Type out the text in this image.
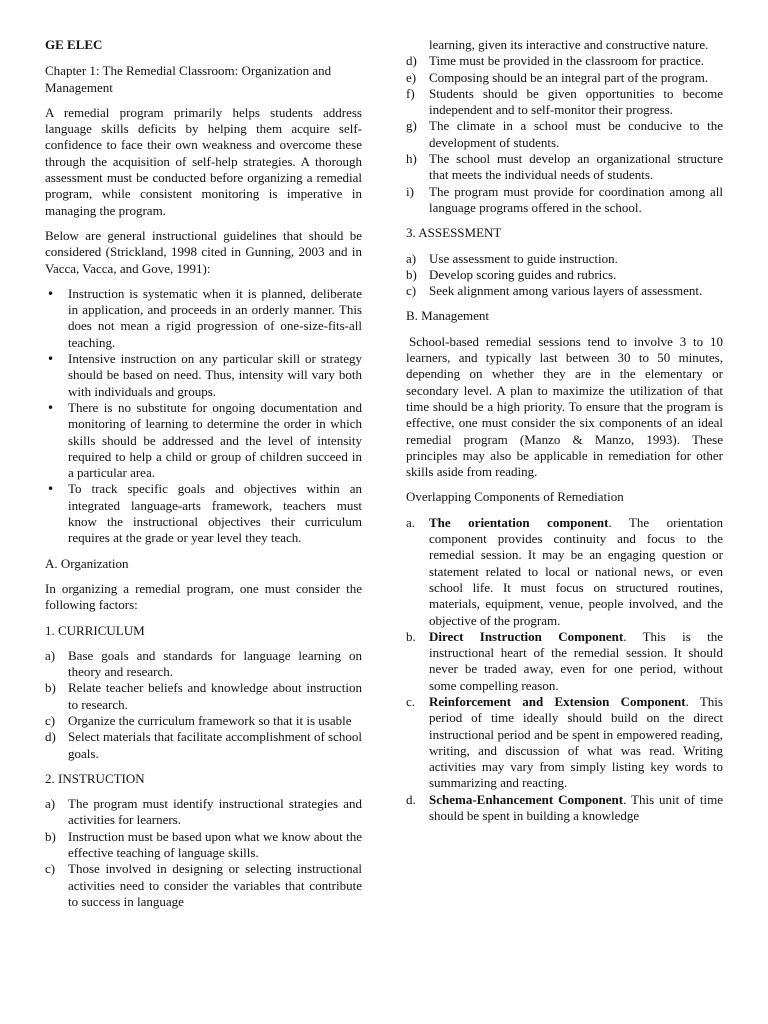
GE ELEC

Chapter 1: The Remedial Classroom: Organization and Management

A remedial program primarily helps students address language skills deficits by helping them acquire self-confidence to face their own weakness and overcome these through the acquisition of self-help strategies. A thorough assessment must be conducted before organizing a remedial program, while consistent monitoring is imperative in managing the program.

Below are general instructional guidelines that should be considered (Strickland, 1998 cited in Gunning, 2003 and in Vacca, Vacca, and Gove, 1991):

• Instruction is systematic when it is planned, deliberate in application, and proceeds in an orderly manner. This does not mean a rigid progression of one-size-fits-all teaching.
• Intensive instruction on any particular skill or strategy should be based on need. Thus, intensity will vary both with individuals and groups.
• There is no substitute for ongoing documentation and monitoring of learning to determine the order in which skills should be addressed and the level of intensity required to help a child or group of children succeed in a particular area.
• To track specific goals and objectives within an integrated language-arts framework, teachers must know the instructional objectives their curriculum requires at the grade or year level they teach.

A. Organization

In organizing a remedial program, one must consider the following factors:

1. CURRICULUM

a) Base goals and standards for language learning on theory and research.
b) Relate teacher beliefs and knowledge about instruction to research.
c) Organize the curriculum framework so that it is usable
d) Select materials that facilitate accomplishment of school goals.

2. INSTRUCTION

a) The program must identify instructional strategies and activities for learners.
b) Instruction must be based upon what we know about the effective teaching of language skills.
c) Those involved in designing or selecting instructional activities need to consider the variables that contribute to success in language

learning, given its interactive and constructive nature.

d) Time must be provided in the classroom for practice.
e) Composing should be an integral part of the program.
f)	Students should be given opportunities to become independent and to self-monitor their progress.
g) The climate in a school must be conducive to the development of students.
h) The school must develop an organizational structure that meets the individual needs of students.
i)	The program must provide for coordination among all language programs offered in the school.

3. ASSESSMENT

a) Use assessment to guide instruction.
b) Develop scoring guides and rubrics.
c) Seek alignment among various layers of assessment.

B. Management

School-based remedial sessions tend to involve 3 to 10 learners, and typically last between 30 to 50 minutes, depending on whether they are in the elementary or secondary level. A plan to maximize the utilization of that time should be a high priority. To ensure that the program is effective, one must consider the six components of an ideal remedial program (Manzo & Manzo, 1993). These principles may also be applicable in remediation for other skills aside from reading.

Overlapping Components of Remediation

a.	The orientation component. The orientation component provides continuity and focus to the remedial session. It may be an engaging question or statement related to local or national news, or even school life. It must focus on structured routines, materials, equipment, venue, people involved, and the objective of the program.
b.	Direct Instruction Component. This is the instructional heart of the remedial session. It should never be traded away, even for one period, without some compelling reason.
c.	Reinforcement and Extension Component. This period of time ideally should build on the direct instructional period and be spent in empowered reading, writing, and discussion of what was read. Writing activities may vary from simply listing key words to summarizing and reacting.
d.	Schema-Enhancement Component. This unit of time should be spent in building a knowledge
